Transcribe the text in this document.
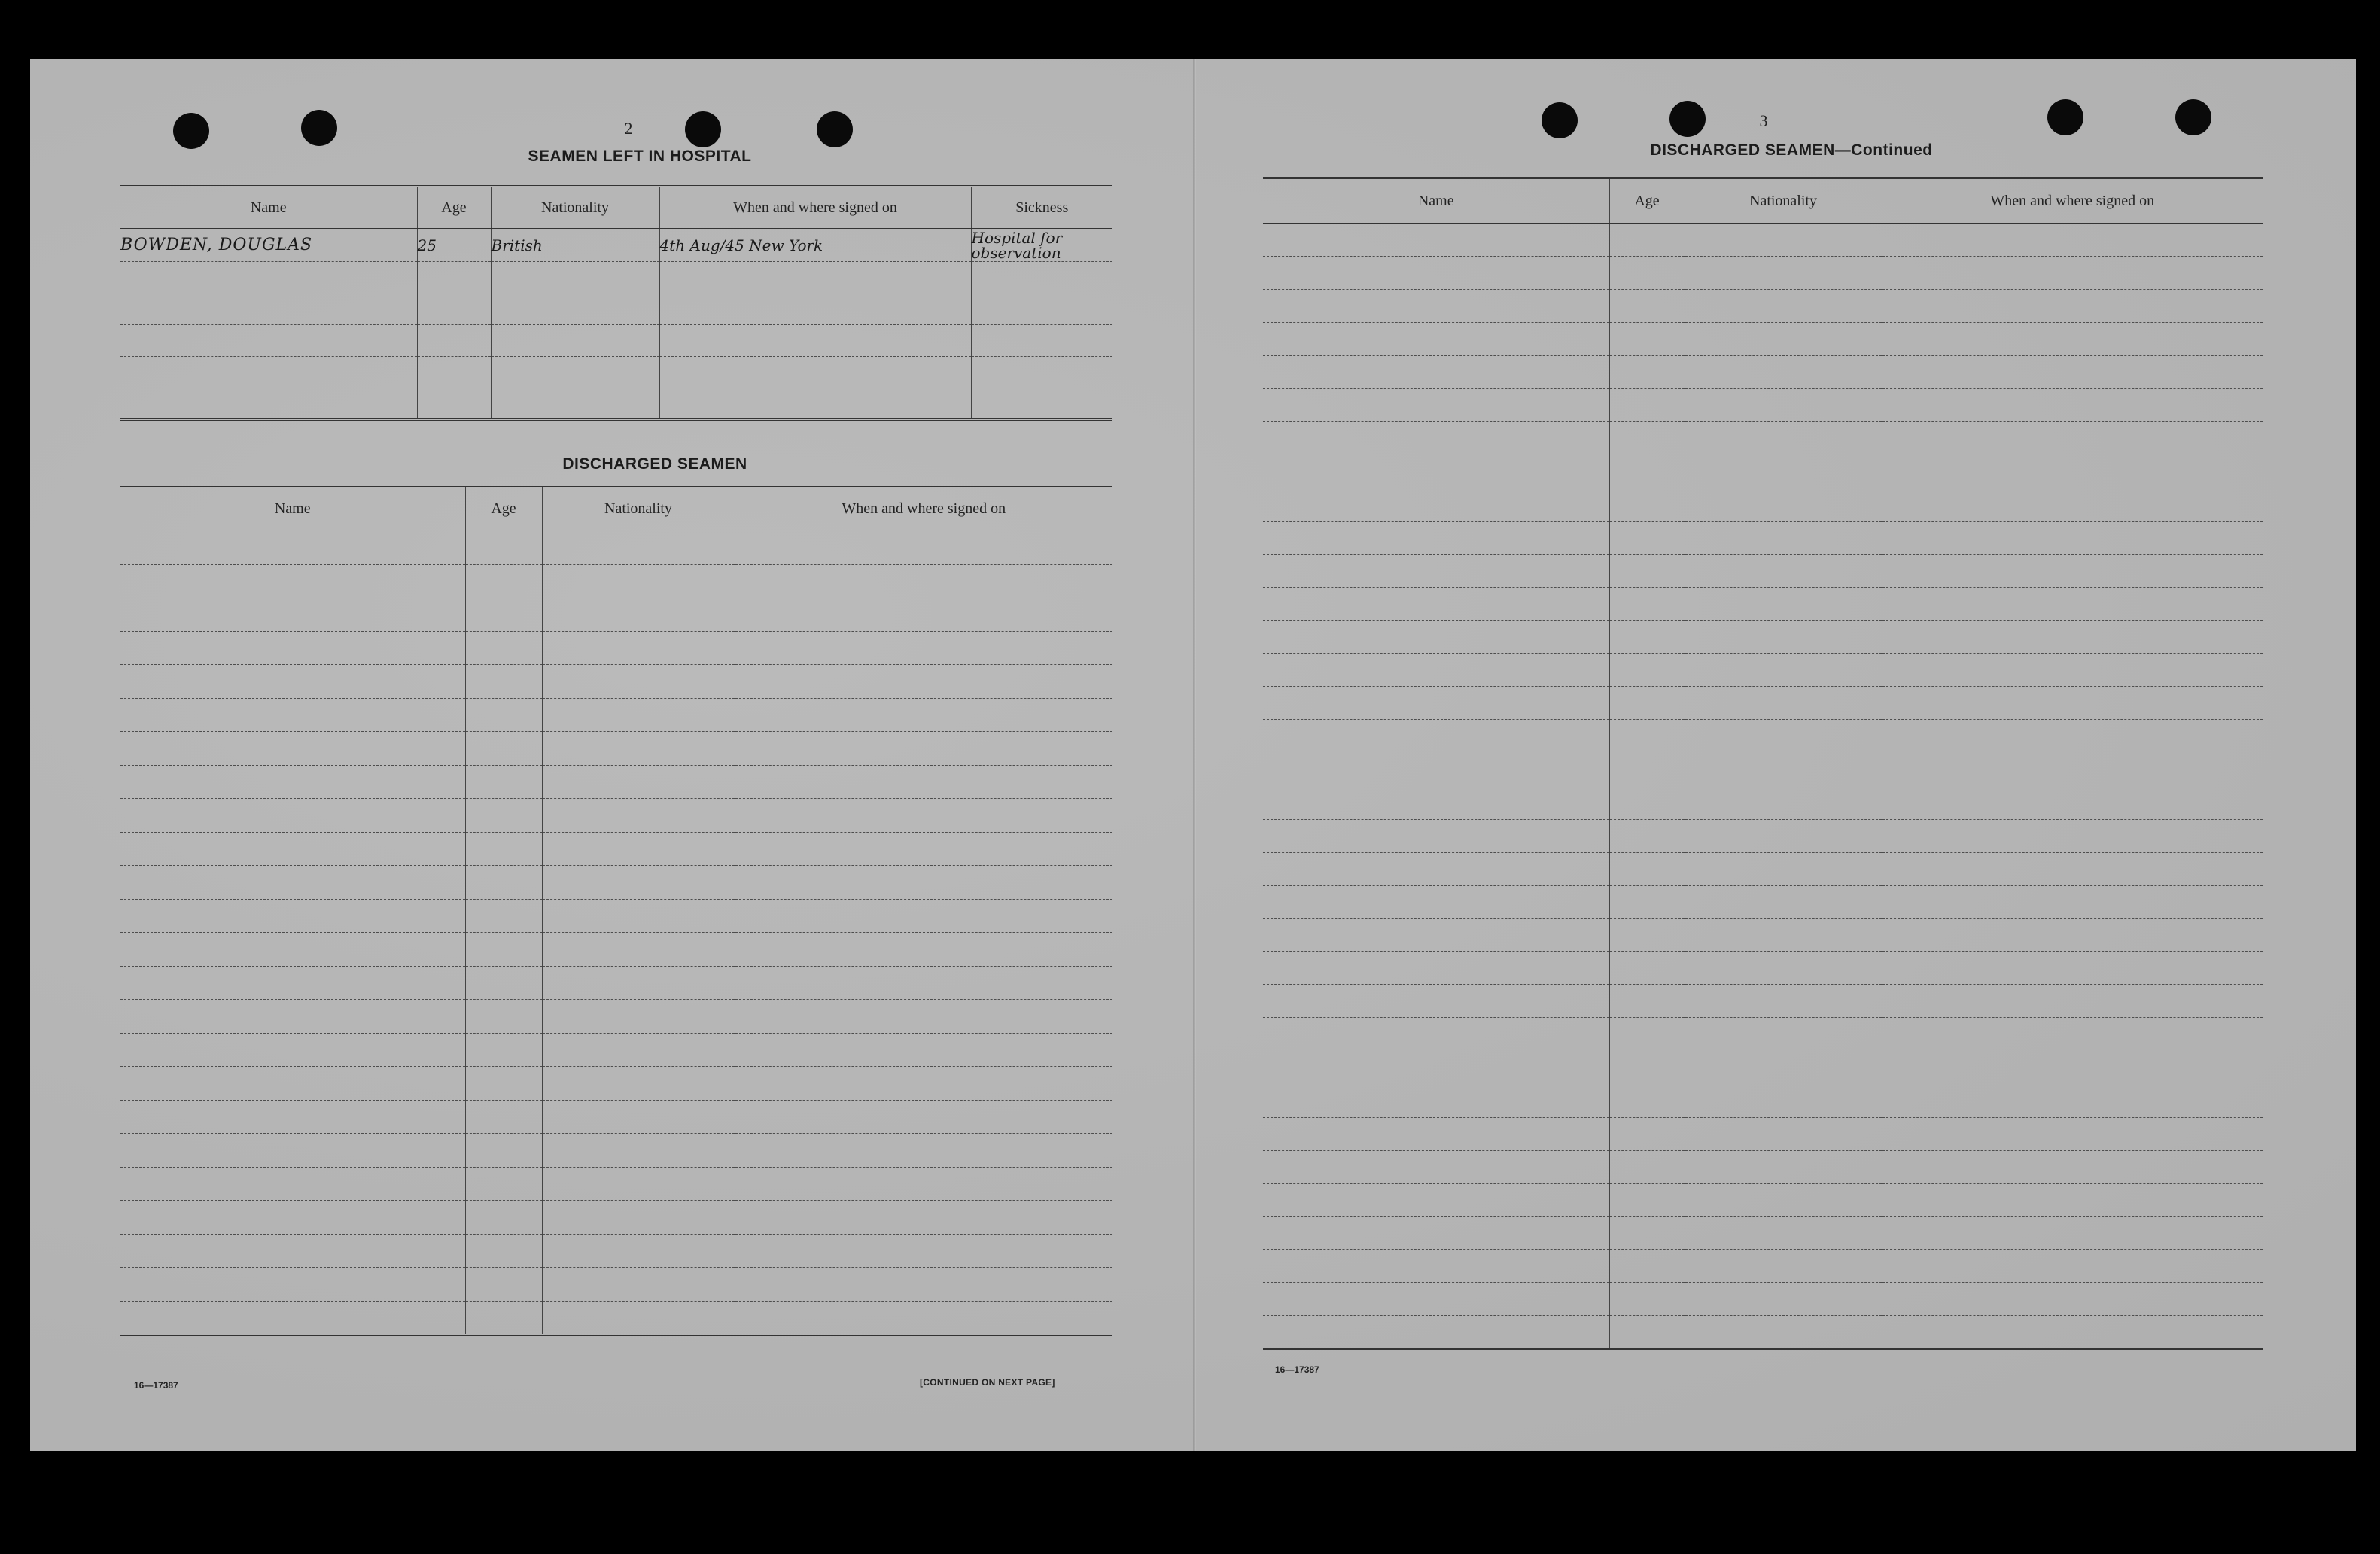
2
SEAMEN LEFT IN HOSPITAL
Name	Age	Nationality	When and where signed on	Sickness
BOWDEN, DOUGLAS	25	British	4th Aug/45 New York	Hospital for observation

DISCHARGED SEAMEN
Name	Age	Nationality	When and where signed on

16—17387	[CONTINUED ON NEXT PAGE]
3
DISCHARGED SEAMEN—Continued
Name	Age	Nationality	When and where signed on

16—17387
